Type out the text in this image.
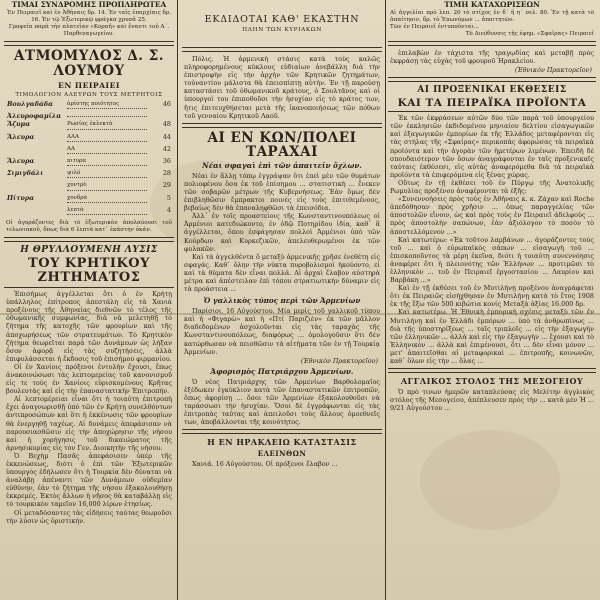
ΤΙΜΑΙ ΣΥΝΔΡΟΜΗΣ ΠΡΟΠΛΗΡΩΤΕΑ

Ἐν Πειραιεῖ καὶ ἐν Ἀθήναις δρ. 14. Ἐν ταῖς ἐπαρχίαις δρ. 16. Ἐν τῷ Ἐξωτερικῷ φράγκα χρυσᾶ 25.

Γραφεῖα παρὰ τὴν πλατεῖαν «Κοραῆ» καὶ ἔναντι τοῦ Α΄. Παρθεναγωγείου.

ΑΤΜΟΜΥΛΟΣ Δ. Σ. ΛΟΥΜΟΥ
ΕΝ ΠΕΙΡΑΙΕΙ
ΤΙΜΟΛΟΓΙΟΝ ΑΛΕΥΡΩΝ ΤΟΥΣ ΜΕΤΡΗΤΟΙΣ
Βουλγαδάδα	ἀρίστης ποιότητος	46
Ἀλευροφαμίλα
Ἄζυμα	Ρωσίας ἐκλεκτὰ	48
Ἄλευρα	ΑΑΑ	44
ΑΑ	42
Ἄλευρα	πιτυρα	36
Σιμιγδάλι	ψιλό	28
χοντρὸ	29
Πίτυρα	χονδρὰ	5
λεπτὰ	4

Οἱ ἀγοράζοντες διὰ τὸ ἐξωτερικὸν ἀπολαύουσι τοῦ τελωνιακοῦ, ὅπως διὰ 6 λεπτὰ κατ᾽ ἑκάστην ὀκάν.

Η ΘΡΥΛΛΟΥΜΕΝΗ ΛΥΣΙΣ
ΤΟΥ ΚΡΗΤΙΚΟΥ ΖΗΤΗΜΑΤΟΣ

Ἐπισήμως ἀγγέλλεται ὅτι ὁ ἐν Κρήτῃ ὑπάλληλος ἐπίτροπος ἀπεστάλη εἰς τὰ Χανιά προξένους τῆς Ἀθηναίας διεθνῶν τὸ τέλος τῆς ὀθωμανικῆς συμφωνίας, διὰ νὰ μελετηθῇ τὸ ζήτημα τῆς κατοχῆς τῶν φρουρίων καὶ τῆς ἀποχωρήσεως τῶν στρατευμάτων. Τὸ Κρητικὸν ζήτημα θεωρεῖται παρὰ τῶν Δυνάμεων ὡς λήξαν ὅσον ἀφορᾷ εἰς τὰς συζητήσεις, ἀλλὰ ἐπιφυλάσσεται ἡ ἔκδοσις τοῦ ἐπισήμου φιρμανίου.

Οἱ ἐν Χανίοις πρόξενοι ἐντολὴν ἔχουσι, ἔπως ἀνακοινώσωσι τὰς λεπτομερείας τοῦ κανονισμοῦ εἰς τε τοὺς ἐν Χανίοις εὑρισκομένους Κρῆτας βουλευτὰς καὶ εἰς τὴν ἐπαναστατικὴν Ἐπιτροπήν.

Αἱ λεπτομέρειαι εἶναι ὅτι ἡ τοιαύτη ἐπιτροπὴ ἔχει ἀναγνωρισθῇ ὑπὸ τῶν ἐν Κρήτῃ συνελθόντων ἀντιπροσώπων καὶ ὅτι ἡ ἐκκένωσις τῶν φρουρίων θὰ ἐνεργηθῇ ταχέως. Αἱ δυνάμεις ἀπεφάσισαν νὰ παρουσιασθῶσιν εἰς τὴν ἀποχώρησιν τῆς νήσου καὶ ἡ χορήγησις τοῦ δικαιώματος τῆς ἀρνησικυρίας εἰς τὸν Γεν. Διοικητὴν τῆς νήσου.

Ὁ Βεχὴμ Πασᾶς ἀπεφάσισεν ὑπὲρ τῆς ἐκκενώσεως, διότι ὁ ἐπὶ τῶν Ἐξωτερικῶν ὑπουργὸς ἐδήλωσεν ὅτι ἡ Τουρκία δὲν δύναται νὰ ἀναλάβῃ ἀπέναντι τῶν Δυνάμεων οὐδεμίαν εὐθύνην, ἐὰν τὸ ζήτημα τῆς νήσου ἐξακολουθήσῃ ἐκκρεμές. Ἐκτὸς ἄλλων ἡ νῆσος θὰ καταβάλλῃ εἰς τὸ τουρκικὸν ταμεῖον 16,000 λίρων ἐτησίως.

Οἱ μεταδόσαντες τὰς εἰδήσεις ταύτας θεωροῦσι τὴν λύσιν ὡς ὁριστικήν.

ΕΚΔΙΔΟΤΑΙ ΚΑΘ' ΕΚΑΣΤΗΝ
ΠΛΗΝ ΤΩΝ ΚΥΡΙΑΚΩΝ

Πόλις. Ἡ ἀρμενικὴ στάσις κατὰ τοὺς καλῶς πληροφορημένους κύκλους εὐδιαίων ἀνεβάλλη διὰ τὴν ἐπιστροφὴν εἰς τὴν ἀρχὴν τῶν Κρητικῶν ζητημάτων, τοὐναντίον μάλιστα θὰ ἐπεισπίπτῃ αὐτήν. Ἐν τῇ παρούσῃ καταστάσει τοῦ ὀθωμανικοῦ κράτους, ὁ Σουλτᾶνος καὶ οἱ ὑπουργοὶ του ἐπιποθοῦσι τὴν ἡσυχίαν εἰς τὸ κράτος των, ἥτις ἐπιτευχθήσεται μετὰ τῆς ἱκανοποιήσεως τῶν πόθων τοῦ γενναίου Κρητικοῦ Λαοῦ.

ΑΙ ΕΝ ΚΩΝ/ΠΟΛΕΙ ΤΑΡΑΧΑΙ
Νέαι σφαγαὶ ἐπὶ τῶν ἀπαιτεῖν ὄχλων.

Νέαι ἐν ἄλλῃ τόπῳ ἐγγράψαν ὅτι ἐπεὶ μὲν τῶν θυμάτων πολιοφένου ὅσα ἐκ τοῦ ἐπίσημου ... στατιστικὴ ... ἕνεκεν τῶν σοβαρῶν μέτρων τῆς Κυβερνήσεως. Ἐὰν ὅμως δὲν ἐπιβληθῶσιν ἔμπρακτοι ποινὲς εἰς τοὺς ἐπιτιθεμένους, βεβαίως δὲν θὰ ἐπαναληφθῶσι τὰ ἐπεισόδια.

Ἀλλ᾽ ἐν τοῖς προαστείοις τῆς Κωνσταντινουπόλεως οἱ Ἀρμένιοι κατεδιώκοντο, ἐν ὁδῷ Ποτηρίδου ἰδία, καθ᾽ ἃ ἀγγέλλεται, ὅπου ἐσφάγησαν πολλοὶ Ἀρμένιοι ὑπὸ τῶν Κούρδων καὶ Κυρκεζικῶν, ἀπελευθερωμένοι ἐκ τῶν φυλακῶν.

Καὶ τὰ ἀγγελθέντα ὅ μεταξὺ ἀρμενικῆς χρῆσε ἐνεθέτη εἰς σφαγάς. Καθ᾽ ὅλην τὴν νύκτα πυροβολισμοὶ ἠκούοντο, εἰ καὶ τὰ θύματα δὲν εἶναι πολλά. Αἱ ἀρχαὶ ἔλαβον αὐστηρὰ μέτρα καὶ ἀπέστειλαν ἐπὶ τόπου στρατιωτικὴν δύναμιν εἰς τὰ προάστεια ...

Ὁ γαλλικὸς τύπος περὶ τῶν Ἀρμενίων

Παρίσιοι, 16 Αὐγούστου. Μία μερὶς τοῦ γαλλικοῦ τύπου καὶ ἡ «Φιγαρὼ» καὶ ἡ «Πτί Παριζιὲν» ἐκ τῶν μᾶλλον διαδεδομένων ἀσχολοῦνται εἰς τὰς ταραχὰς τῆς Κωνσταντινουπόλεως, διαφόρως ... ὁμολογοῦσιν ὅτι δὲν κατώρθωσαν νὰ πεισθῶσιν τὰ αἰτήματα τῶν ἐν τῇ Τουρκίᾳ Ἀρμενίων.

(Ἐθνικὸν Πρακτορεῖον)
Ἀφορισμὸς Πατριάρχου Ἀρμενίων.

Ὁ νέος Πατριάρχης τῶν Ἀρμενίων Βαρθολομαῖος ἐξέδωκεν ἐγκύκλιον κατὰ τῶν ἐπαναστατικῶν ἐπιτροπῶν, ὅπως ἀφορίσῃ ... ὅσοι τῶν Ἀρμενίων ἐξακολουθοῦσι νὰ ταράσσωσι τὴν ἡσυχίαν. Ὅσοι δὲ ἐγγράφωνται εἰς τὰς ἐπιτροπὰς ταύτας καὶ ἀπειλοῦσι τοὺς ἄλλους ὁμοεθνεῖς των, ἀποβάλλονται τῆς κοινότητος.

Η ΕΝ ΗΡΑΚΛΕΙΩ ΚΑΤΑΣΤΑΣΙΣ
ΕΛΕΙΝΘΩΝ

Χανιά. 16 Αὐγούστου. Οἱ πρόξενοι ἔλαβον ...

ΤΙΜΗ ΚΑΤΑΧΩΡΙΣΕΩΝ

Αἱ ἀγγελίαι πρὸ λεπ. 20 τὸ στίχος ἐν δ΄ ἢ η΄ σελ. 80. Ἐν τῇ κατὰ τὸ ἀπαίτησιν, δρ. τὸ Ἐπωνύμων ... ἀπαιτητῶν.

Τῶν ἐν Πειραιεῖ ἐντυποῦνται...

Τὸ Διεύθυνσις τῆς ἐφημ. «Σφαῖρας» Πειραιεῖ

ἐπιλαβὼν ἐν τάχιστα τῆς τραγῳδίας καὶ μεταβῇ πρὸς ἐκφράσῃ τὰς εὐχὰς τοῦ φρουροῦ Ἡρακλείου.

(Ἐθνικὸν Πρακτορεῖον)
ΑΙ ΠΡΟΞΕΝΙΚΑΙ ΕΚΘΕΣΕΙΣ
ΚΑΙ ΤΑ ΠΕΙΡΑΪΚΑ ΠΡΟΪΟΝΤΑ

Ἐκ τῶν ἐκφράσεων αὐτῶν δύο τῶν παρὰ τοῦ ὑπουργείου τῶν ἐκκλησιῶν ἐκδιδομένου μηνιαίου δελτίου εἰσαγωγικῶν καὶ ἐξαγωγικῶν ἐμπορίων ἐκ τῆς Ἑλλάδος μεταφέρονται εἰς τὰς στήλας τῆς «Σφαίρας» περικοπὰς ἀφορώσας τὰ πειραϊκὰ προϊόντα καὶ τὴν ἀγορὰν τῶν ἡμετέρων λιμένων. Ἐπειδὴ δὲ σπουδαιότερον τῶν ὅσων ἀναγράφονται ἐν ταῖς προξενικαῖς ταύταις ἐκθέσεσι, εἰς αὐτὰς ἀναφερόμεθα διὰ τὰ πειραϊκὰ προϊόντα τὰ ἐπιφερόμενα εἰς ξένας χώρας.

Οὕτως ἐν τῇ ἐκθέσει τοῦ ἐν Πύργῳ τῆς Ἀνατολικῆς Ρωμυλίας προξένου ἀναφέρονται τὰ ἑξῆς:

«Συνεννοήσεις πρὸς τοὺς ἐν Ἀθήναις κ. κ. Ζάχαν καὶ Roche ἀπεδόθησαν πρὸς χρῆσιν ... ὅπως παραγγελίας τῶν ἀποστολῶν εἴνοιν, ὡς καὶ πρὸς τοὺς ἐν Πειραιεῖ ἀδελφοὺς ... πρὸς ἀποστολὴν σαπώνων, ἐὰν ἀξιόλογον τὸ ποσὸν τὸ ἀποστελλόμενον ...»

Καὶ κατωτέρω: «Ἐκ τοῦτου λαμβάνων ... ἀγοράζοντες τοὺς τοῦ ... καὶ ὁ εὐρωπαϊκὸς σάπων ... εἰσαγωγὴ τοῦ ... ἐπισκοποῦντος τὰ μέρη ἐκεῖνα, διότι ἡ τοιαύτη συνεννόησις ἀναφέρει ὅτι ἡ πλειονότης τῶν Ἑλλήνων ... προτιμῶσι τὸ ἑλληνικὸν ... τοῦ ἐν Πειραιεῖ ἐργοστασίου ... Λαυρίου καὶ Βαρβάκη ...»

Καὶ ἐν τῇ ἐκθέσει τοῦ ἐν Μυτιλήνῃ προξένου ἀναγράφεται ὅτι ἐκ Πειραιῶς εἰσήχθησαν ἐν Μυτιλήνῃ κατὰ τὸ ἔτος 1908 ἐκ τῆς ἕξω τῶν 500 κιβώτια κονίς Μεταξὰ ἀξίας 16.000 δρ.

Καὶ κατωτέρω. Ἡ Ἐθνικὴ ἐμπορικὴ σχέσις μεταξὺ τῶν ἐν Μυτιλήνῃ καὶ ἐν Ἑλλάδι ἐμπόρων ... ὑπὸ τὰ ἀνθρωπίνως ... διὰ τῆς ὑποστηρίξεως ... ταῖς τριπλοῖς ... εἰς τὴν ἐξαγωγὴν τῶν ἑλληνικῶν ... ἀλλὰ καὶ εἰς τὴν ἐξαγωγὴν ... ἔχουσι καὶ τὸ Ἑλληνικὸν ... ἀλλὰ καὶ ἐπιμένουσι, ὅτι ... δὲν εἶναι μόνον ... μετ' ἀπαιτεῖσθαι αἱ μεταφορικαὶ ... ἐπιτροπῆς, κοινωνῶν, καθ᾽ ὅλων εἰς τὴν ... ὅλας ...

ΑΓΓΛΙΚΟΣ ΣΤΟΛΟΣ ΤΗΣ ΜΕΣΟΓΕΙΟΥ

Ὁ πρὸ τινων ἡμερῶν καταπλεύσας εἰς Μελίτην ἀγγλικὸς στόλος τῆς Μεσογείου, ἀπέπλευσεν πρὸς τὴν ... κατὰ μὲν Ἡ ... 9/21 Αὐγούστου ...
